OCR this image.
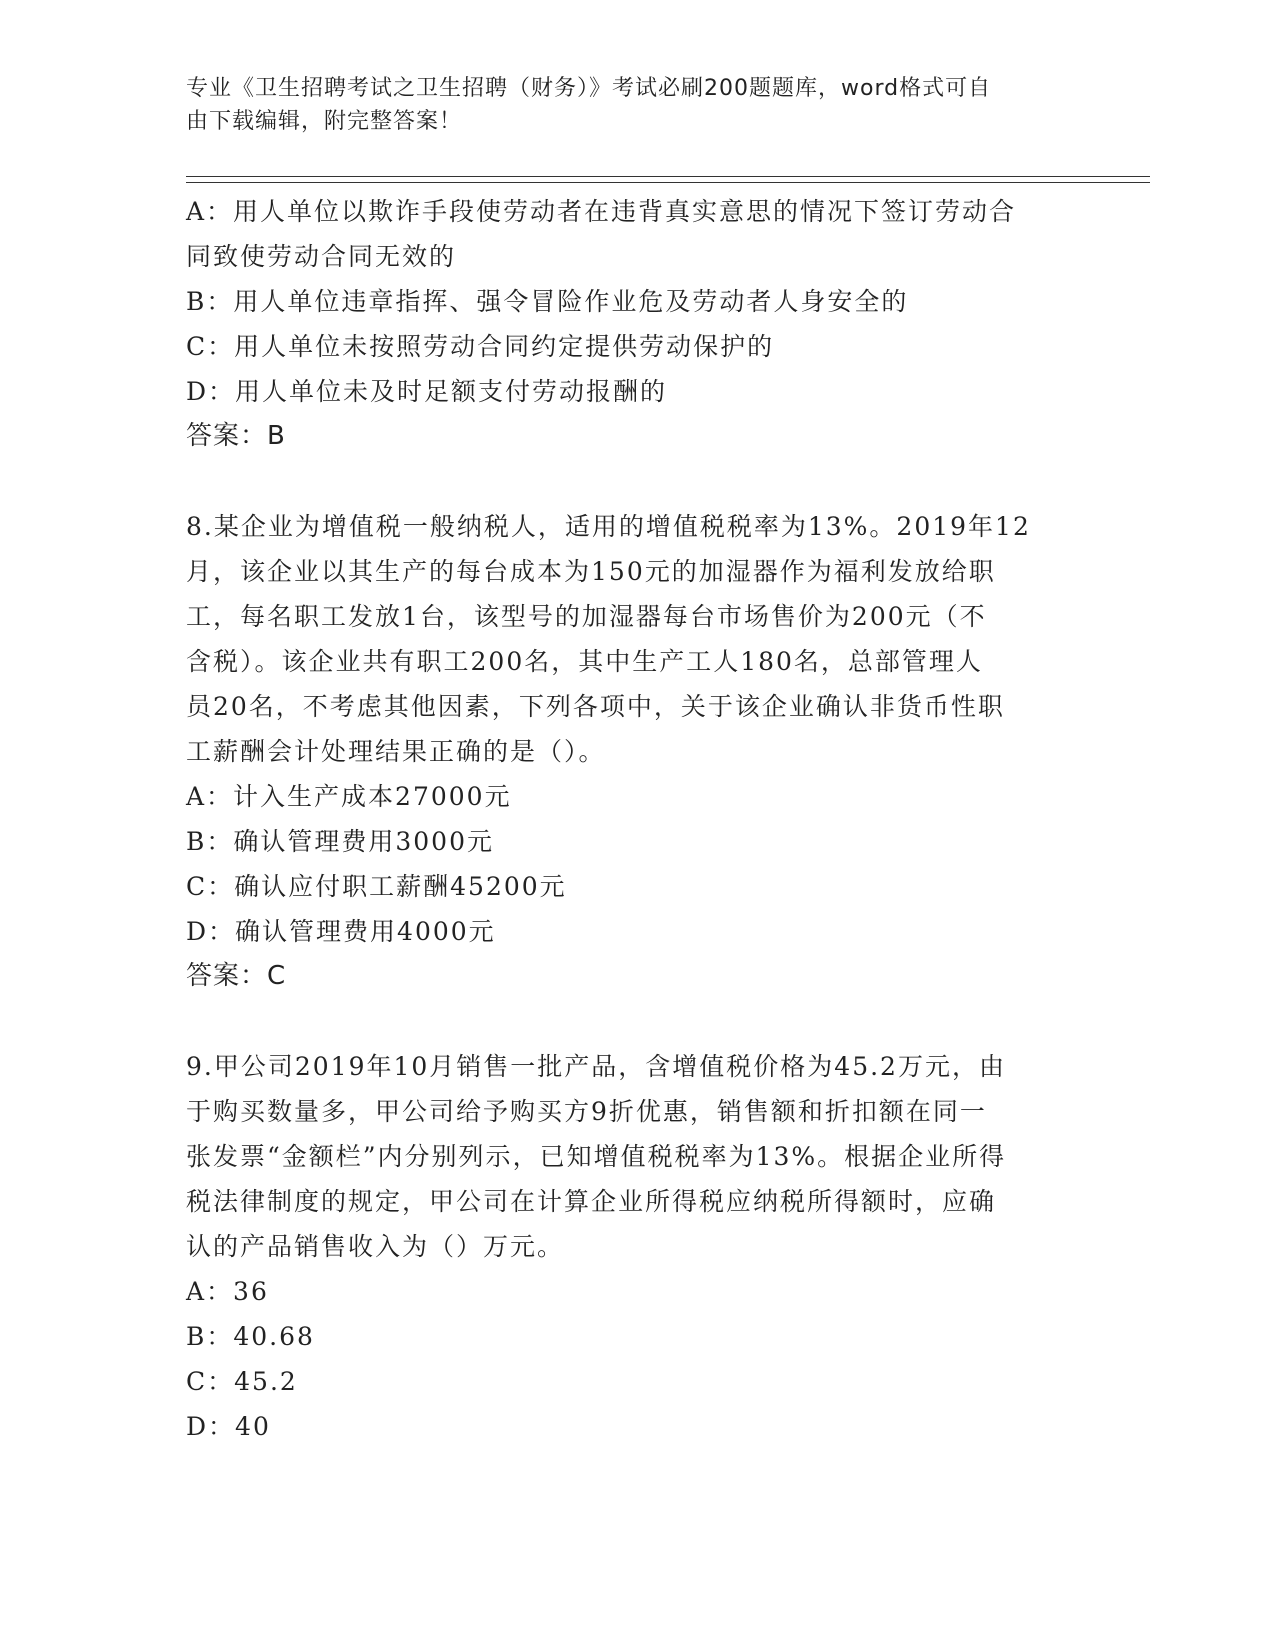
专业《卫生招聘考试之卫生招聘（财务）》考试必刷200题题库，word格式可自
由下载编辑，附完整答案！

A：用人单位以欺诈手段使劳动者在违背真实意思的情况下签订劳动合

同致使劳动合同无效的

B：用人单位违章指挥、强令冒险作业危及劳动者人身安全的

C：用人单位未按照劳动合同约定提供劳动保护的

D：用人单位未及时足额支付劳动报酬的

答案：B

8.某企业为增值税一般纳税人，适用的增值税税率为13%。2019年12

月，该企业以其生产的每台成本为150元的加湿器作为福利发放给职

工，每名职工发放1台，该型号的加湿器每台市场售价为200元（不

含税）。该企业共有职工200名，其中生产工人180名，总部管理人

员20名，不考虑其他因素，下列各项中，关于该企业确认非货币性职

工薪酬会计处理结果正确的是（）。

A：计入生产成本27000元

B：确认管理费用3000元

C：确认应付职工薪酬45200元

D：确认管理费用4000元

答案：C

9.甲公司2019年10月销售一批产品，含增值税价格为45.2万元，由

于购买数量多，甲公司给予购买方9折优惠，销售额和折扣额在同一

张发票“金额栏”内分别列示，已知增值税税率为13%。根据企业所得

税法律制度的规定，甲公司在计算企业所得税应纳税所得额时，应确

认的产品销售收入为（）万元。

A：36

B：40.68

C：45.2

D：40
